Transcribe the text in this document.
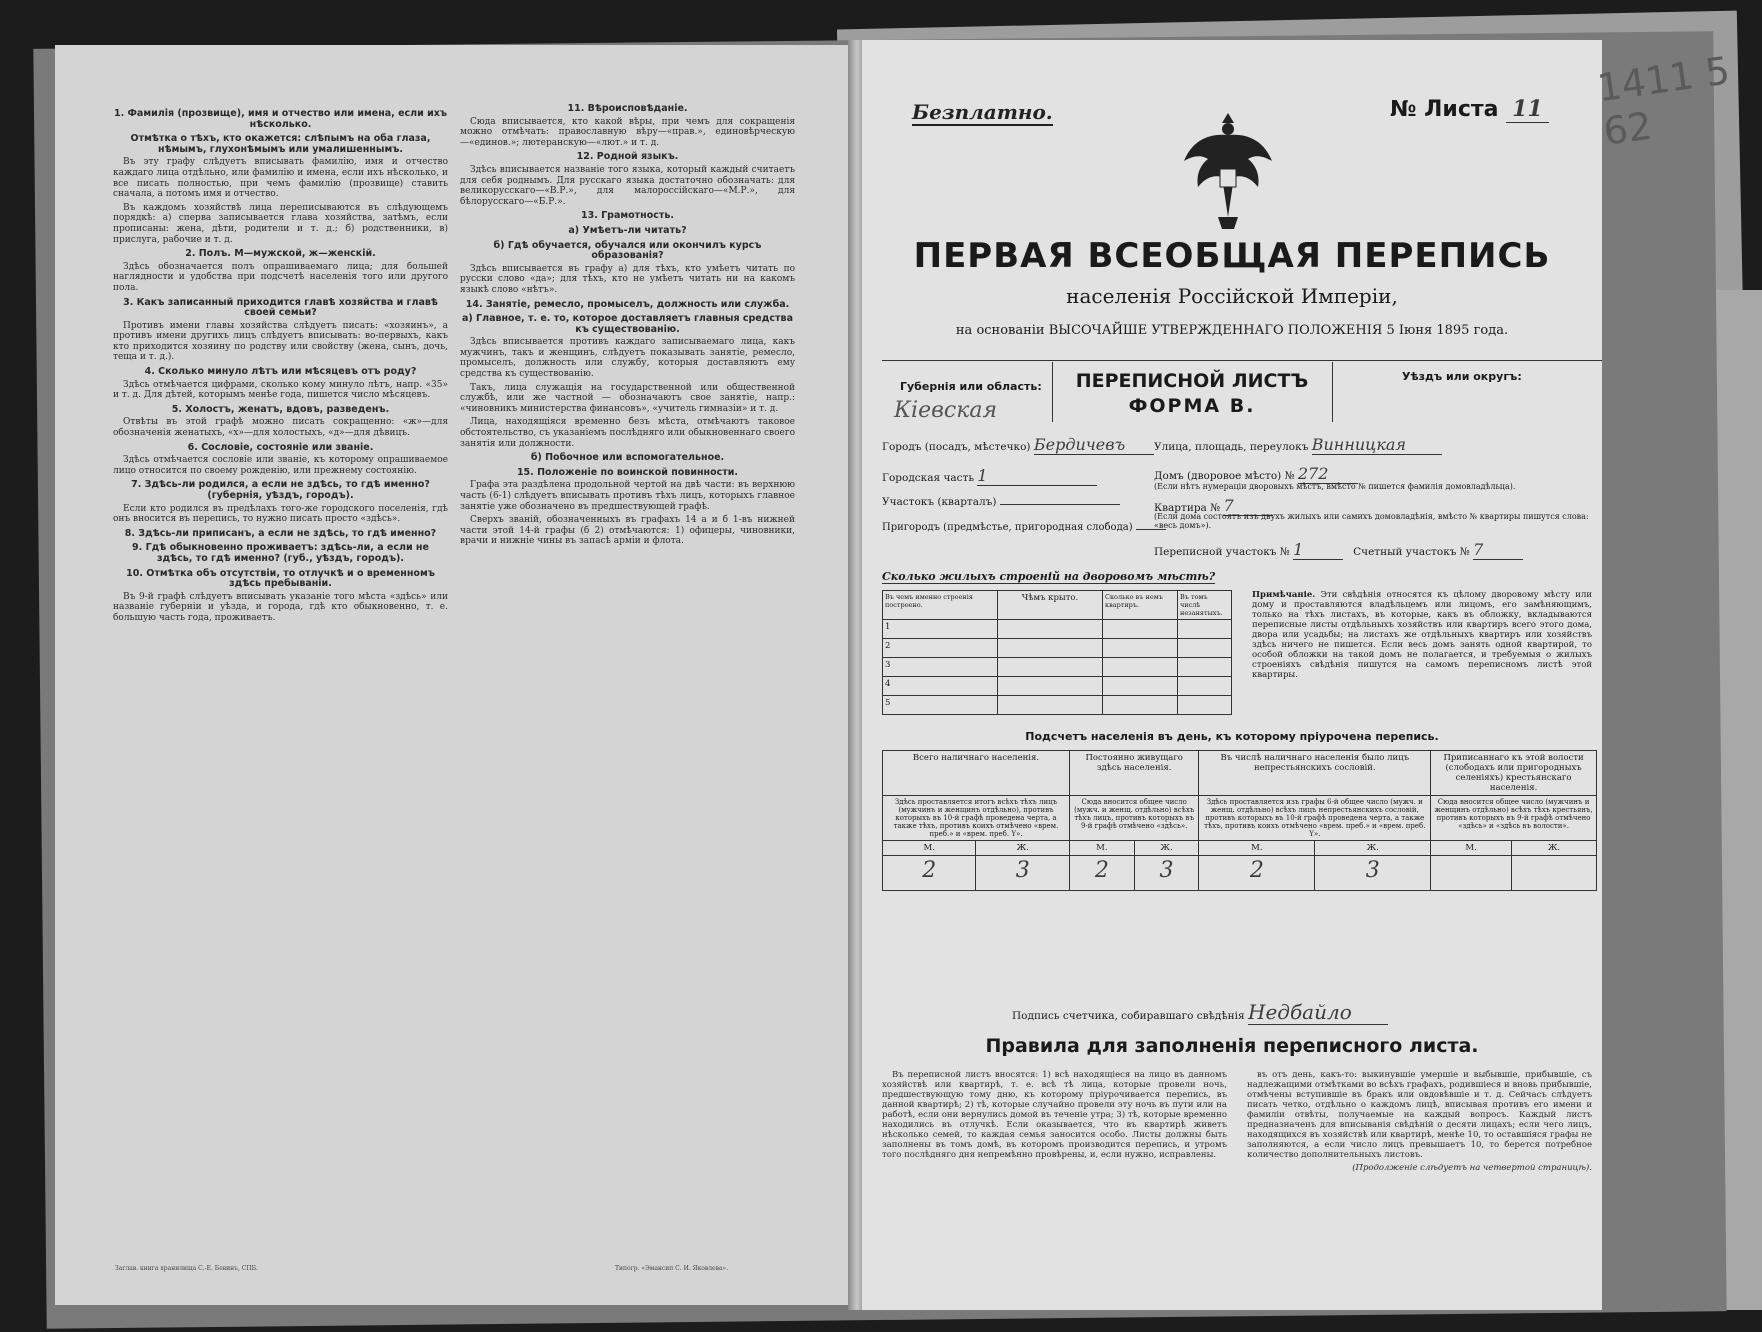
1. Фамилія (прозвище), имя и отчество или имена, если ихъ нѣсколько.
Отмѣтка о тѣхъ, кто окажется: слѣпымъ на оба глаза, нѣмымъ, глухонѣмымъ или умалишеннымъ.

Въ эту графу слѣдуетъ вписывать фамилію, имя и отчество каждаго лица отдѣльно, или фамилію и имена, если ихъ нѣсколько, и все писать полностью, при чемъ фамилію (прозвище) ставить сначала, а потомъ имя и отчество.

Въ каждомъ хозяйствѣ лица переписываются въ слѣдующемъ порядкѣ: а) сперва записывается глава хозяйства, затѣмъ, если прописаны: жена, дѣти, родители и т. д.; б) родственники, в) прислуга, рабочие и т. д.

2. Полъ. М—мужской, ж—женскій.

Здѣсь обозначается полъ опрашиваемаго лица; для большей наглядности и удобства при подсчетѣ населенія того или другого пола.

3. Какъ записанный приходится главѣ хозяйства и главѣ своей семьи?

Противъ имени главы хозяйства слѣдуетъ писать: «хозяинъ», а противъ имени другихъ лицъ слѣдуетъ вписывать: во-первыхъ, какъ кто приходится хозяину по родству или свойству (жена, сынъ, дочь, теща и т. д.).

4. Сколько минуло лѣтъ или мѣсяцевъ отъ роду?

Здѣсь отмѣчается цифрами, сколько кому минуло лѣтъ, напр. «35» и т. д. Для дѣтей, которымъ менѣе года, пишется число мѣсяцевъ.

5. Холостъ, женатъ, вдовъ, разведенъ.

Отвѣты въ этой графѣ можно писать сокращенно: «ж»—для обозначенія женатыхъ, «х»—для холостыхъ, «д»—для дѣвицъ.

6. Сословіе, состояніе или званіе.

Здѣсь отмѣчается сословіе или званіе, къ которому опрашиваемое лицо относится по своему рожденію, или прежнему состоянію.

7. Здѣсь-ли родился, а если не здѣсь, то гдѣ именно? (губернія, уѣздъ, городъ).

Если кто родился въ предѣлахъ того-же городского поселенія, гдѣ онъ вносится въ перепись, то нужно писать просто «здѣсь».

8. Здѣсь-ли приписанъ, а если не здѣсь, то гдѣ именно?
9. Гдѣ обыкновенно проживаетъ: здѣсь-ли, а если не здѣсь, то гдѣ именно? (губ., уѣздъ, городъ).
10. Отмѣтка объ отсутствіи, то отлучкѣ и о временномъ здѣсь пребываніи.

Въ 9-й графѣ слѣдуетъ вписывать указаніе того мѣста «здѣсь» или названіе губерніи и уѣзда, и города, гдѣ кто обыкновенно, т. е. большую часть года, проживаетъ.

Заглав. книга хранилища С.-Е. Бевинъ, СПБ.
11. Вѣроисповѣданіе.

Сюда вписывается, кто какой вѣры, при чемъ для сокращенія можно отмѣчать: православную вѣру—«прав.», единовѣрческую—«единов.»; лютеранскую—«лют.» и т. д.

12. Родной языкъ.

Здѣсь вписывается названіе того языка, который каждый считаетъ для себя роднымъ. Для русскаго языка достаточно обозначать: для великорусскаго—«В.Р.», для малороссійскаго—«М.Р.», для бѣлорусскаго—«Б.Р.».

13. Грамотность.
а) Умѣетъ-ли читать?
б) Гдѣ обучается, обучался или окончилъ курсъ образованія?

Здѣсь вписывается въ графу а) для тѣхъ, кто умѣетъ читать по русски слово «да»; для тѣхъ, кто не умѣетъ читать ни на какомъ языкѣ слово «нѣтъ».

14. Занятіе, ремесло, промыселъ, должность или служба.
а) Главное, т. е. то, которое доставляетъ главныя средства къ существованію.

Здѣсь вписывается противъ каждаго записываемаго лица, какъ мужчинъ, такъ и женщинъ, слѣдуетъ показывать занятіе, ремесло, промыселъ, должность или службу, которыя доставляютъ ему средства къ существованію.

Такъ, лица служащія на государственной или общественной службѣ, или же частной — обозначаютъ свое занятіе, напр.: «чиновникъ министерства финансовъ», «учитель гимназіи» и т. д.

Лица, находящіяся временно безъ мѣста, отмѣчаютъ таковое обстоятельство, съ указаніемъ послѣдняго или обыкновеннаго своего занятія или должности.

б) Побочное или вспомогательное.
15. Положеніе по воинской повинности.

Графа эта раздѣлена продольной чертой на двѣ части: въ верхнюю часть (6-1) слѣдуетъ вписывать противъ тѣхъ лицъ, которыхъ главное занятіе уже обозначено въ предшествующей графѣ.

Сверхъ званій, обозначенныхъ въ графахъ 14 а и б 1-въ нижней части этой 14-й графы (б 2) отмѣчаются: 1) офицеры, чиновники, врачи и нижніе чины въ запасѣ арміи и флота.

Типогр. «Эмансип С. И. Яковлева».
Безплатно.	№ Листа 11
ПЕРВАЯ ВСЕОБЩАЯ ПЕРЕПИСЬ
населенія Россійской Имперіи,
на основаніи ВЫСОЧАЙШЕ УТВЕРЖДЕННАГО ПОЛОЖЕНІЯ 5 Іюня 1895 года.
Губернія или область:
Кіевская
ПЕРЕПИСНОЙ ЛИСТЪ
ФОРМА В.
Уѣздъ или округъ:
Городъ (посадъ, мѣстечко) Бердичевъ	Улица, площадь, переулокъ Винницкая
Городская часть 1	Домъ (дворовое мѣсто) № 272
(Если нѣтъ нумераціи дворовыхъ мѣстъ, вмѣсто № пишется фамилія домовладѣльца).
Участокъ (кварталъ)	Квартира № 7
Пригородъ (предмѣстье, пригородная слобода)
(Если дома состоятъ изъ двухъ жилыхъ или самихъ домовладѣнія, вмѣсто № квартиры пишутся слова: «весь домъ»).
Переписной участокъ № 1	Счетный участокъ № 7
Сколько жилыхъ строеній на дворовомъ мѣстѣ?
Въ чемъ именно строенія построено.	Чѣмъ крыто.	Сколько въ немъ квартиръ.	Въ томъ числѣ незанятыхъ.
1			
2			
3			
4			
5			
Примѣчаніе. Эти свѣдѣнія относятся къ цѣлому дворовому мѣсту или дому и проставляются владѣльцемъ или лицомъ, его замѣняющимъ, только на тѣхъ листахъ, въ которые, какъ въ обложку, вкладываются переписные листы отдѣльныхъ хозяйствъ или квартиръ всего этого дома, двора или усадьбы; на листахъ же отдѣльныхъ квартиръ или хозяйствъ здѣсь ничего не пишется. Если весь домъ занять одной квартирой, то особой обложки на такой домъ не полагается, и требуемыя о жилыхъ строеніяхъ свѣдѣнія пишутся на самомъ переписномъ листѣ этой квартиры.
Подсчетъ населенія въ день, къ которому пріурочена перепись.
Всего наличнаго населенія.		Постоянно живущаго здѣсь населенія.		Въ числѣ наличнаго населенія было лицъ непрестьянскихъ сословій.		Приписаннаго къ этой волости (слободахъ или пригородныхъ селеніяхъ) крестьянскаго населенія.	
Здѣсь проставляется итогъ всѣхъ тѣхъ лицъ (мужчинъ и женщинъ отдѣльно), противъ которыхъ въ 10-й графѣ проведена черта, а также тѣхъ, противъ коихъ отмѣчено «врем. преб.» и «врем. преб. Y».		Сюда вносится общее число (мужч. и женщ. отдѣльно) всѣхъ тѣхъ лицъ, противъ которыхъ въ 9-й графѣ отмѣчено «здѣсь».		Здѣсь проставляется изъ графы 6-й общее число (мужч. и женщ. отдѣльно) всѣхъ лицъ непрестьянскихъ сословій, противъ которыхъ въ 10-й графѣ проведена черта, а также тѣхъ, противъ коихъ отмѣчено «врем. преб.» и «врем. преб. Y».		Сюда вносится общее число (мужчинъ и женщинъ отдѣльно) всѣхъ тѣхъ крестьянъ, противъ которыхъ въ 9-й графѣ отмѣчено «здѣсь» и «здѣсь въ волости».	
М.	Ж.	М.	Ж.	М.	Ж.	М.	Ж.
2	3	2	3	2	3		
Подпись счетчика, собиравшаго свѣдѣнія Недбайло
Правила для заполненія переписного листа.

Въ переписной листъ вносятся: 1) всѣ находящіеся на лицо въ данномъ хозяйствѣ или квартирѣ, т. е. всѣ тѣ лица, которые провели ночь, предшествующую тому дню, къ которому пріурочивается перепись, въ данной квартирѣ; 2) тѣ, которые случайно провели эту ночь въ пути или на работѣ, если они вернулись домой въ теченіе утра; 3) тѣ, которые временно находились въ отлучкѣ. Если оказывается, что въ квартирѣ живетъ нѣсколько семей, то каждая семья заносится особо. Листы должны быть заполнены въ томъ домѣ, въ которомъ производится перепись, и утромъ того послѣдняго дня непремѣнно провѣрены, и, если нужно, исправлены.

въ отъ день, какъ-то: выкинувшіе умершіе и выбывшіе, прибывшіе, съ надлежащими отмѣтками во всѣхъ графахъ, родившіеся и вновь прибывшіе, отмѣчены вступившіе въ бракъ или овдовѣвшіе и т. д. Сейчасъ слѣдуетъ писать четко, отдѣльно о каждомъ лицѣ, вписывая противъ его имени и фамиліи отвѣты, получаемые на каждый вопросъ. Каждый листъ предназначенъ для вписыванія свѣдѣній о десяти лицахъ; если чего лицъ, находящихся въ хозяйствѣ или квартирѣ, менѣе 10, то оставшіяся графы не заполняются, а если число лицъ превышаетъ 10, то берется потребное количество дополнительныхъ листовъ.

(Продолженіе слѣдуетъ на четвертой страницѣ).

1411 5 62
